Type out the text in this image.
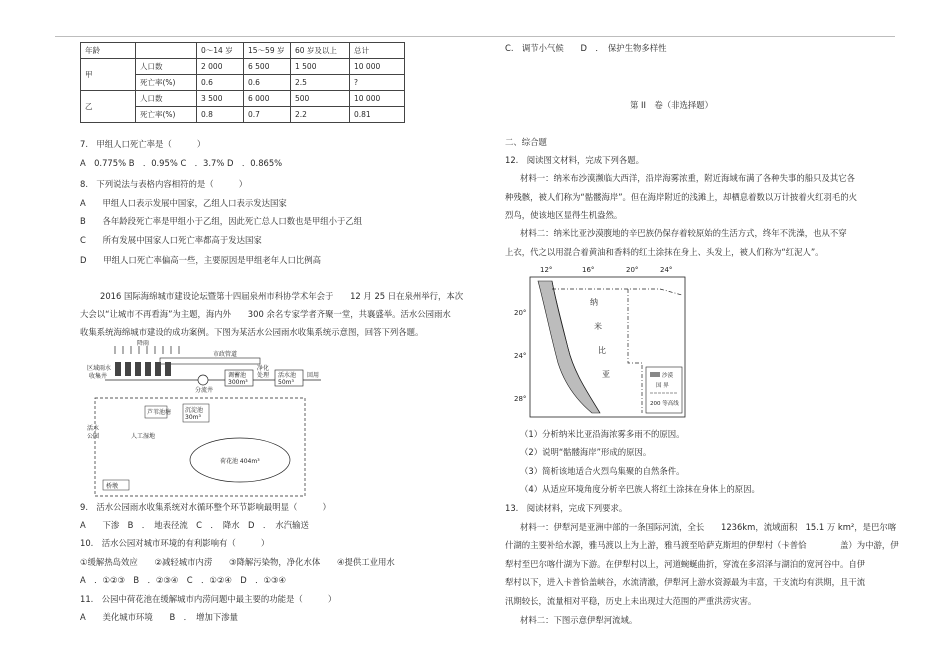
年龄		0～14 岁	15～59 岁	60 岁及以上	总计
甲	人口数	2 000	6 500	1 500	10 000
	死亡率(%)	0.6	0.6	2.5	?
乙	人口数	3 500	6 000	500	10 000
	死亡率(%)	0.8	0.7	2.2	0.81
7.　甲组人口死亡率是（　　　）
A　0.775% B　．0.95% C　．3.7% D　．0.865%
8.　下列说法与表格内容相符的是（　　　）
A　　甲组人口表示发展中国家，乙组人口表示发达国家
B　　各年龄段死亡率是甲组小于乙组，因此死亡总人口数也是甲组小于乙组
C　　所有发展中国家人口死亡率都高于发达国家
D　　甲组人口死亡率偏高一些，主要原因是甲组老年人口比例高
2016 国际海绵城市建设论坛暨第十四届泉州市科协学术年会于　　12 月 25 日在泉州举行，本次
大会以“让城市不再看海”为主题，海内外　　300 余名专家学者齐聚一堂，共襄盛举。活水公园雨水
收集系统海绵城市建设的成功案例。下图为某活水公园雨水收集系统示意图，回答下列各题。
降雨
市政管道
区域雨水
收集井
分流井
调蓄池
300m³
净化
处理 活水池
50m³
回用
活水
公园
芦苇池塘 沉淀池
30m³
人工湿地
荷花池 404m³
桥墩
9.　活水公园雨水收集系统对水循环整个环节影响最明显（　　　）
A　　下渗　B　．　地表径流　C　．　降水　D　．　水汽输送
10.　活水公园对城市环境的有利影响有（　　　）
①缓解热岛效应　　②减轻城市内涝　　③降解污染物，净化水体　　④提供工业用水
A　．①②③　B　．②③④　C　．①②④　D　．①③④
11.　公园中荷花池在缓解城市内涝问题中最主要的功能是（　　　）
A　　美化城市环境　　B　．　增加下渗量
C.　调节小气候　　D　．　保护生物多样性
第 II　卷（非选择题）
二、综合题
12.　阅读图文材料，完成下列各题。
材料一：纳米布沙漠濒临大西洋，沿岸海雾浓重，附近海域布满了各种失事的船只及其它各
种残骸，被人们称为“骷髅海岸”。但在海岸附近的浅滩上，却栖息着数以万计披着火红羽毛的火
烈鸟，使该地区显得生机盎然。
材料二：纳米比亚沙漠腹地的辛巴族仍保存着较原始的生活方式，终年不洗澡，也从不穿
上衣，代之以用混合着黄油和香料的红土涂抹在身上、头发上，被人们称为“红泥人”。
12°	16°	20°	24°
20°
24°
28°
纳
米
比
亚	沙漠
国 界
200 等高线
（1）分析纳米比亚沿海浓雾多雨不的原因。
（2）说明“骷髅海岸”形成的原因。
（3）简析该地适合火烈鸟集聚的自然条件。
（4）从适应环境角度分析辛巴族人将红土涂抹在身体上的原因。
13.　阅读材料，完成下列要求。
材料一：伊犁河是亚洲中部的一条国际河流，全长　　1236km，流域面积　15.1 万 km²，是巴尔喀
什湖的主要补给水源，雅马渡以上为上游，雅马渡至哈萨克斯坦的伊犁村（卡普恰　　　　盖）为中游，伊
犁村至巴尔喀什湖为下游。在伊犁村以上，河道蜿蜒曲折，穿流在多沼泽与湖泊的宽河谷中。自伊
犁村以下，进入卡普恰盖峡谷，水流清澈，伊犁河上游水资源最为丰富，干支流均有洪期，且干流
汛期较长，流量相对平稳，历史上未出现过大范围的严重洪涝灾害。
材料二：下图示意伊犁河流域。
